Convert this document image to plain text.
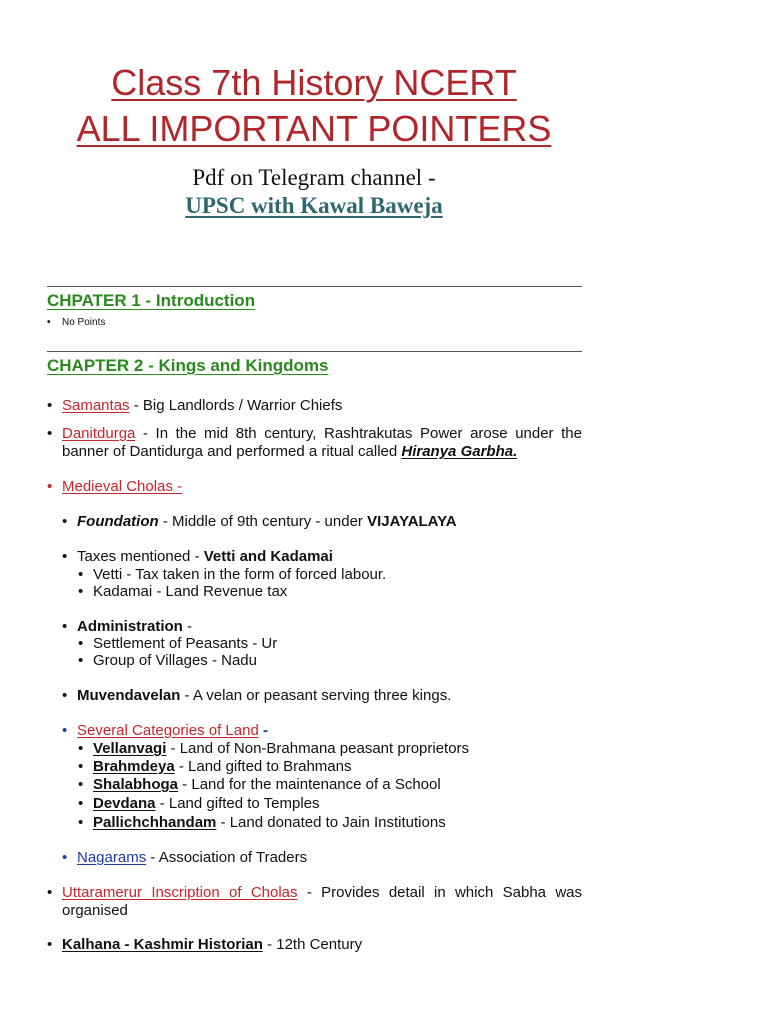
Class 7th History NCERT
ALL IMPORTANT POINTERS
Pdf on Telegram channel -
UPSC with Kawal Baweja
CHPATER 1 - Introduction
• No Points
CHAPTER 2 - Kings and Kingdoms
• Samantas - Big Landlords / Warrior Chiefs
• Danitdurga - In the mid 8th century, Rashtrakutas Power arose under the
banner of Dantidurga and performed a ritual called Hiranya Garbha.
• Medieval Cholas -
• Foundation - Middle of 9th century - under VIJAYALAYA
• Taxes mentioned - Vetti and Kadamai
• Vetti - Tax taken in the form of forced labour.
• Kadamai - Land Revenue tax
• Administration -
• Settlement of Peasants - Ur
• Group of Villages - Nadu
• Muvendavelan - A velan or peasant serving three kings.
• Several Categories of Land -
• Vellanvagi - Land of Non-Brahmana peasant proprietors
• Brahmdeya - Land gifted to Brahmans
• Shalabhoga - Land for the maintenance of a School
• Devdana - Land gifted to Temples
• Pallichchhandam - Land donated to Jain Institutions
• Nagarams - Association of Traders
• Uttaramerur Inscription of Cholas - Provides detail in which Sabha was
organised
• Kalhana - Kashmir Historian - 12th Century
